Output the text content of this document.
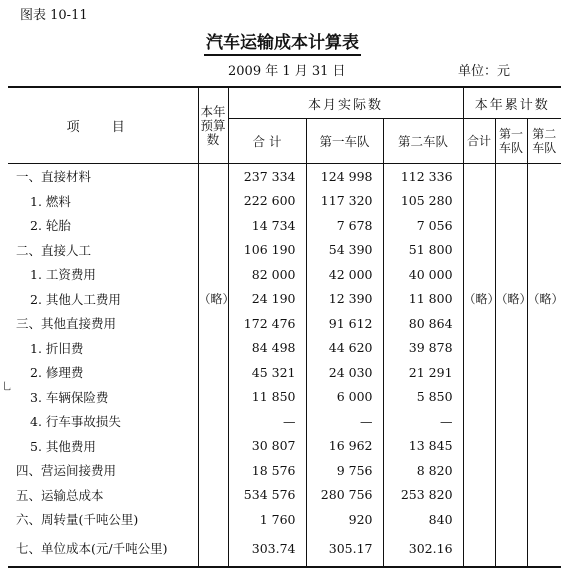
图表 10-11
汽车运输成本计算表
2009 年 1 月 31 日	单位：元
乚
项 目	本年预算数	本月实际数			本年累计数		
		合 计	第一车队	第二车队	合计	第一车队	第二车队
一、直接材料		237 334	124 998	112 336			
1. 燃料		222 600	117 320	105 280			
2. 轮胎		14 734	7 678	7 056			
二、直接人工		106 190	54 390	51 800			
1. 工资费用		82 000	42 000	40 000			
2. 其他人工费用	（略）	24 190	12 390	11 800	（略）	（略）	（略）
三、其他直接费用		172 476	91 612	80 864			
1. 折旧费		84 498	44 620	39 878			
2. 修理费		45 321	24 030	21 291			
3. 车辆保险费		11 850	6 000	5 850			
4. 行车事故损失		—	—	—			
5. 其他费用		30 807	16 962	13 845			
四、营运间接费用		18 576	9 756	8 820			
五、运输总成本		534 576	280 756	253 820			
六、周转量(千吨公里)		1 760	920	840			
七、单位成本(元/千吨公里)		303.74	305.17	302.16			
